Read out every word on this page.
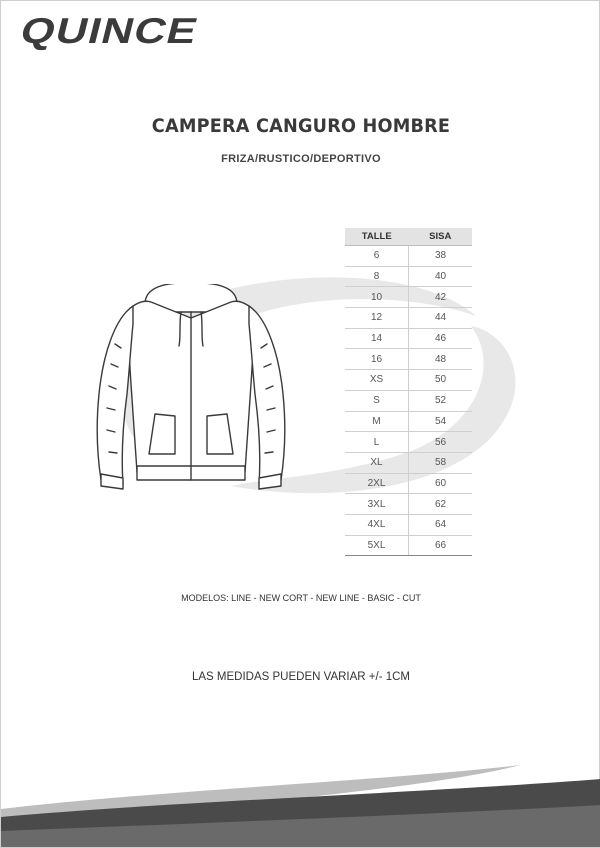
QUINCE
CAMPERA CANGURO HOMBRE
FRIZA/RUSTICO/DEPORTIVO
TALLE	SISA
6	38
8	40
10	42
12	44
14	46
16	48
XS	50
S	52
M	54
L	56
XL	58
2XL	60
3XL	62
4XL	64
5XL	66
MODELOS: LINE - NEW CORT - NEW LINE - BASIC - CUT
LAS MEDIDAS PUEDEN VARIAR +/- 1CM
